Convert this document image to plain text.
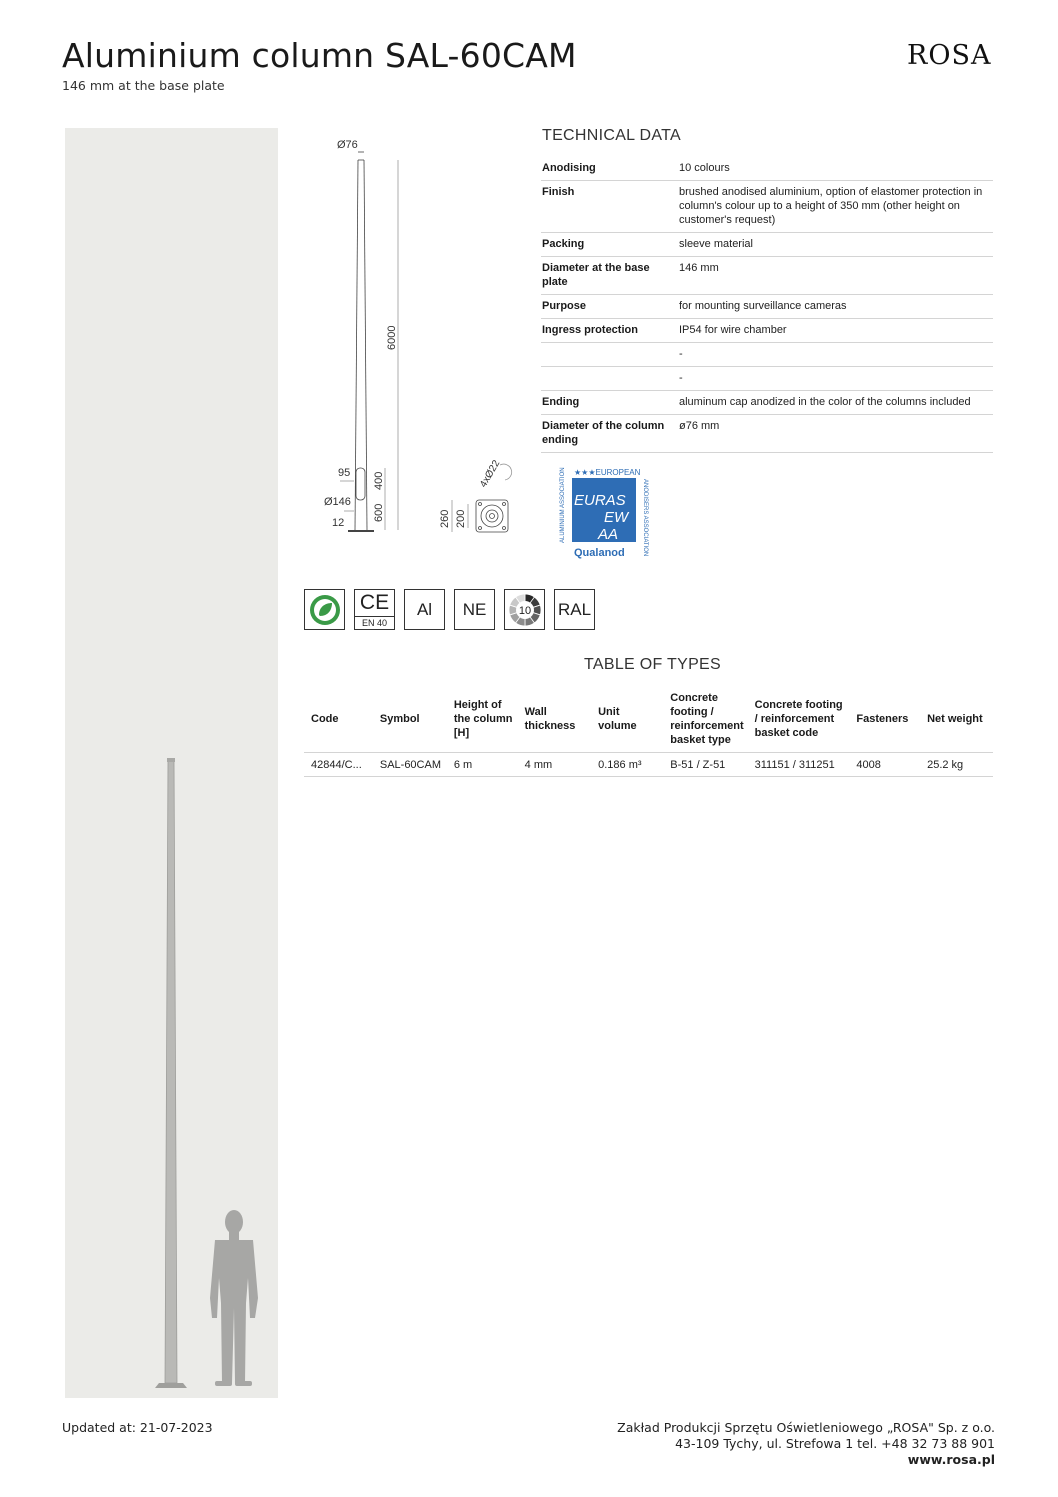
Aluminium column SAL-60CAM
146 mm at the base plate
ROSA
Ø76
6000
95 400
600
Ø146
12	260 200
4xØ22
TECHNICAL DATA
Anodising	10 colours
Finish	brushed anodised aluminium, option of elastomer protection in column's colour up to a height of 350 mm (other height on customer's request)
Packing	sleeve material
Diameter at the base plate	146 mm
Purpose	for mounting surveillance cameras
Ingress protection	IP54 for wire chamber
	-
	-
Ending	aluminum cap anodized in the color of the columns included
Diameter of the column ending	ø76 mm
★★★EUROPEAN
EURAS
EW
AA
ALUMINIUM ASSOCIATION	ANODISERS ASSOCIATION
Qualanod
CE
EN 40
Al	NE	10 RAL
TABLE OF TYPES
Code	Symbol	Height of the column [H]	Wall thickness	Unit volume	Concrete footing / reinforcement basket type	Concrete footing / reinforcement basket code	Fasteners	Net weight
42844/C...	SAL-60CAM	6 m	4 mm	0.186 m³	B-51 / Z-51	311151 / 311251	4008	25.2 kg
Updated at: 21-07-2023	Zakład Produkcji Sprzętu Oświetleniowego „ROSA" Sp. z o.o.
43-109 Tychy, ul. Strefowa 1 tel. +48 32 73 88 901
www.rosa.pl
